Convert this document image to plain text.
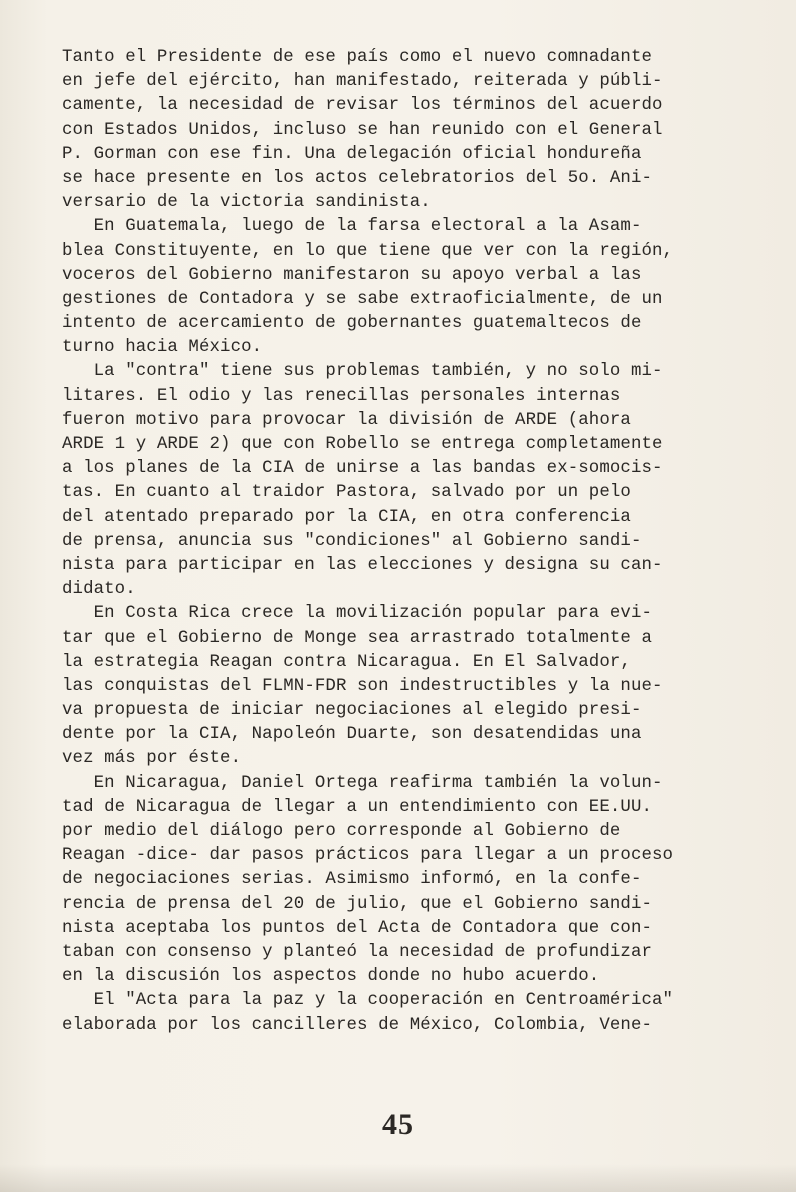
Tanto el Presidente de ese país como el nuevo comnadante
en jefe del ejército, han manifestado, reiterada y públi-
camente, la necesidad de revisar los términos del acuerdo
con Estados Unidos, incluso se han reunido con el General
P. Gorman con ese fin. Una delegación oficial hondureña
se hace presente en los actos celebratorios del 5o. Ani-
versario de la victoria sandinista.
En Guatemala, luego de la farsa electoral a la Asam-
blea Constituyente, en lo que tiene que ver con la región,
voceros del Gobierno manifestaron su apoyo verbal a las
gestiones de Contadora y se sabe extraoficialmente, de un
intento de acercamiento de gobernantes guatemaltecos de
turno hacia México.
La "contra" tiene sus problemas también, y no solo mi-
litares. El odio y las renecillas personales internas
fueron motivo para provocar la división de ARDE (ahora
ARDE 1 y ARDE 2) que con Robello se entrega completamente
a los planes de la CIA de unirse a las bandas ex-somocis-
tas. En cuanto al traidor Pastora, salvado por un pelo
del atentado preparado por la CIA, en otra conferencia
de prensa, anuncia sus "condiciones" al Gobierno sandi-
nista para participar en las elecciones y designa su can-
didato.
En Costa Rica crece la movilización popular para evi-
tar que el Gobierno de Monge sea arrastrado totalmente a
la estrategia Reagan contra Nicaragua. En El Salvador,
las conquistas del FLMN-FDR son indestructibles y la nue-
va propuesta de iniciar negociaciones al elegido presi-
dente por la CIA, Napoleón Duarte, son desatendidas una
vez más por éste.
En Nicaragua, Daniel Ortega reafirma también la volun-
tad de Nicaragua de llegar a un entendimiento con EE.UU.
por medio del diálogo pero corresponde al Gobierno de
Reagan -dice- dar pasos prácticos para llegar a un proceso
de negociaciones serias. Asimismo informó, en la confe-
rencia de prensa del 20 de julio, que el Gobierno sandi-
nista aceptaba los puntos del Acta de Contadora que con-
taban con consenso y planteó la necesidad de profundizar
en la discusión los aspectos donde no hubo acuerdo.
El "Acta para la paz y la cooperación en Centroamérica"
elaborada por los cancilleres de México, Colombia, Vene-
45
